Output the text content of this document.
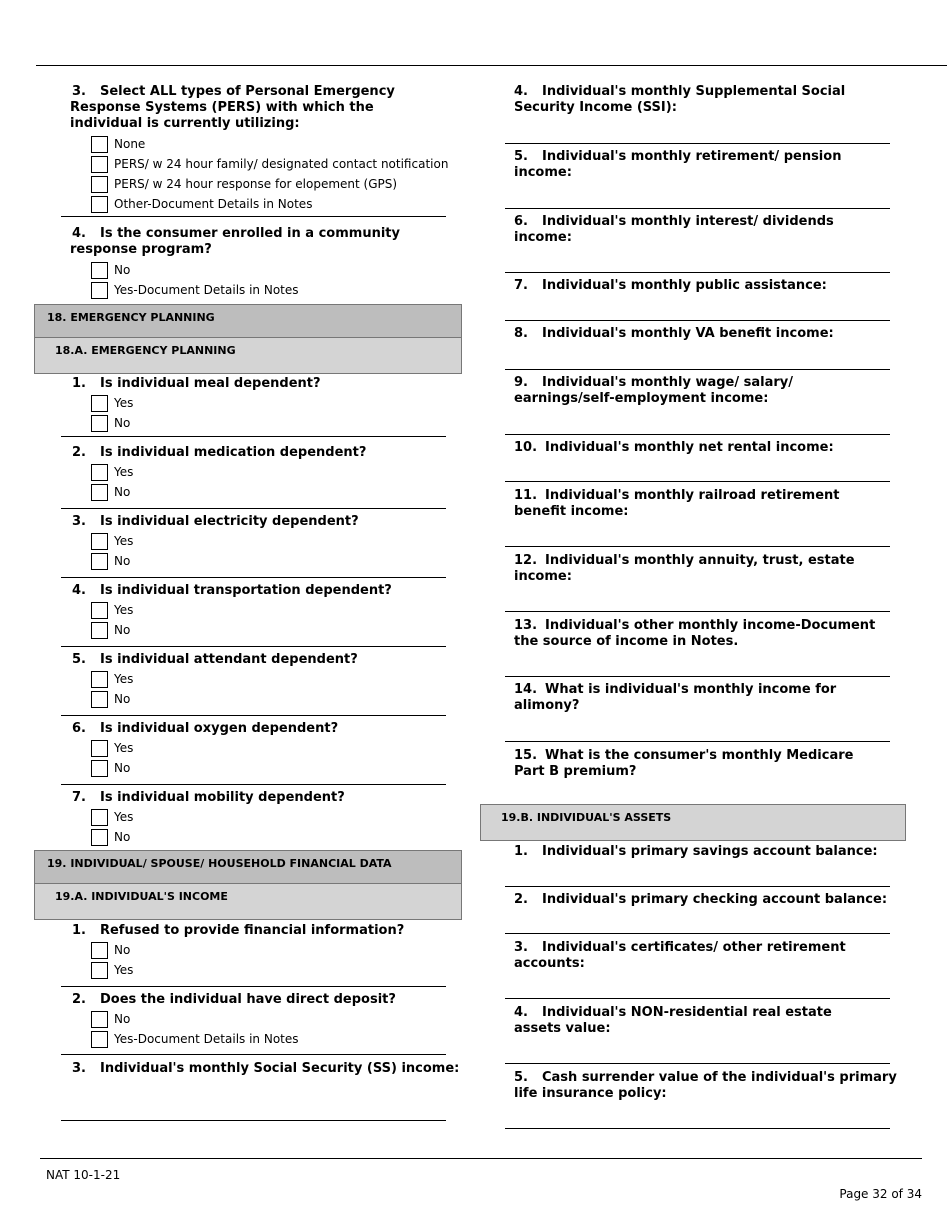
3. Select ALL types of Personal Emergency Response Systems (PERS) with which the individual is currently utilizing:
None
PERS/ w 24 hour family/ designated contact notification
PERS/ w 24 hour response for elopement (GPS)
Other-Document Details in Notes
4. Is the consumer enrolled in a community response program?
No
Yes-Document Details in Notes
18. EMERGENCY PLANNING
18.A. EMERGENCY PLANNING
1. Is individual meal dependent?
Yes
No
2. Is individual medication dependent?
Yes
No
3. Is individual electricity dependent?
Yes
No
4. Is individual transportation dependent?
Yes
No
5. Is individual attendant dependent?
Yes
No
6. Is individual oxygen dependent?
Yes
No
7. Is individual mobility dependent?
Yes
No
19. INDIVIDUAL/ SPOUSE/ HOUSEHOLD FINANCIAL DATA
19.A. INDIVIDUAL'S INCOME
1. Refused to provide financial information?
No
Yes
2. Does the individual have direct deposit?
No
Yes-Document Details in Notes
3. Individual's monthly Social Security (SS) income:
4. Individual's monthly Supplemental Social Security Income (SSI):
5. Individual's monthly retirement/ pension income:
6. Individual's monthly interest/ dividends income:
7. Individual's monthly public assistance:
8. Individual's monthly VA benefit income:
9. Individual's monthly wage/ salary/ earnings/self-employment income:
10. Individual's monthly net rental income:
11. Individual's monthly railroad retirement benefit income:
12. Individual's monthly annuity, trust, estate income:
13. Individual's other monthly income-Document the source of income in Notes.
14. What is individual's monthly income for alimony?
15. What is the consumer's monthly Medicare Part B premium?
19.B. INDIVIDUAL'S ASSETS
1. Individual's primary savings account balance:
2. Individual's primary checking account balance:
3. Individual's certificates/ other retirement accounts:
4. Individual's NON-residential real estate assets value:
5. Cash surrender value of the individual's primary life insurance policy:
NAT 10-1-21
Page 32 of 34
